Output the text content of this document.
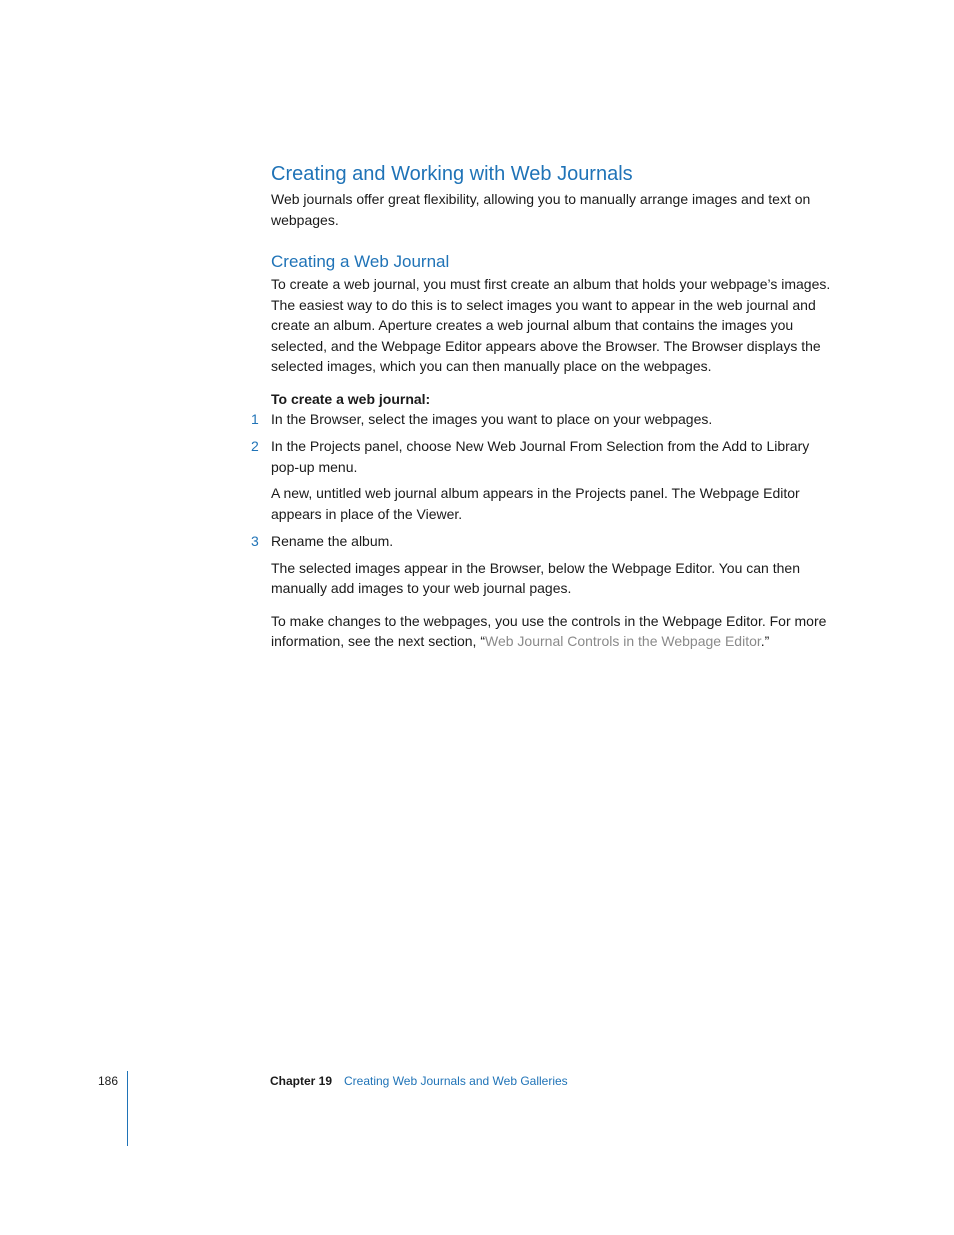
Creating and Working with Web Journals

Web journals offer great flexibility, allowing you to manually arrange images and text on webpages.

Creating a Web Journal

To create a web journal, you must first create an album that holds your webpage’s images. The easiest way to do this is to select images you want to appear in the web journal and create an album. Aperture creates a web journal album that contains the images you selected, and the Webpage Editor appears above the Browser. The Browser displays the selected images, which you can then manually place on the webpages.

To create a web journal:
1 In the Browser, select the images you want to place on your webpages.

2 In the Projects panel, choose New Web Journal From Selection from the Add to Library pop-up menu.

A new, untitled web journal album appears in the Projects panel. The Webpage Editor appears in place of the Viewer.

3 Rename the album.

The selected images appear in the Browser, below the Webpage Editor. You can then manually add images to your web journal pages.

To make changes to the webpages, you use the controls in the Webpage Editor. For more information, see the next section, “Web Journal Controls in the Webpage Editor.”

186	Chapter 19 Creating Web Journals and Web Galleries
